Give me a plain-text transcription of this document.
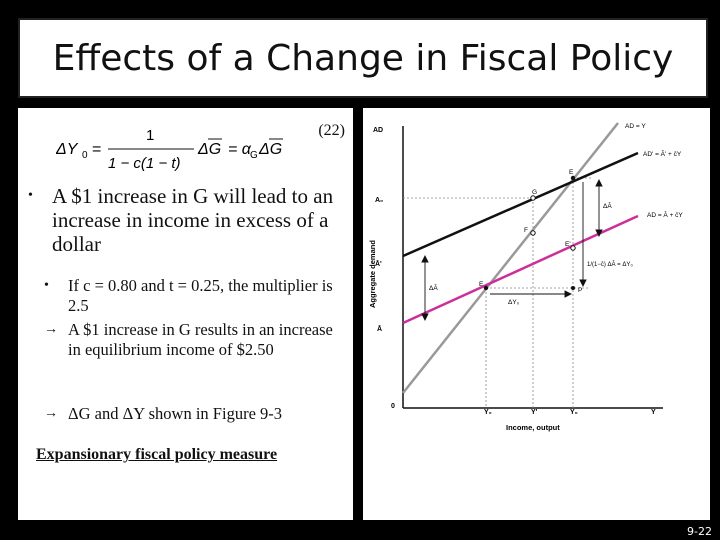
Effects of a Change in Fiscal Policy
ΔY 0 =
1
1 − c(1 − t)
ΔG = α G ΔG
(22)
• A $1 increase in G will lead to an increase in income in excess of a dollar
• If c = 0.80 and t = 0.25, the multiplier is 2.5
→ A $1 increase in G results in an increase in equilibrium income of $2.50
→ ΔG and ΔY shown in Figure 9-3
Expansionary fiscal policy measure
AD
A₀
Ā'
Ā
0
Aggregate demand
Income, output
Y₀	Y'	Y₀	Y
AD = Y
AD' = Ā' + c̄Y
AD = Ā + c̄Y
E
G
F
E'
E
P
ΔĀ
ΔĀ
ΔY₀
1/(1−c̄) ΔĀ = ΔY₀
9-22
